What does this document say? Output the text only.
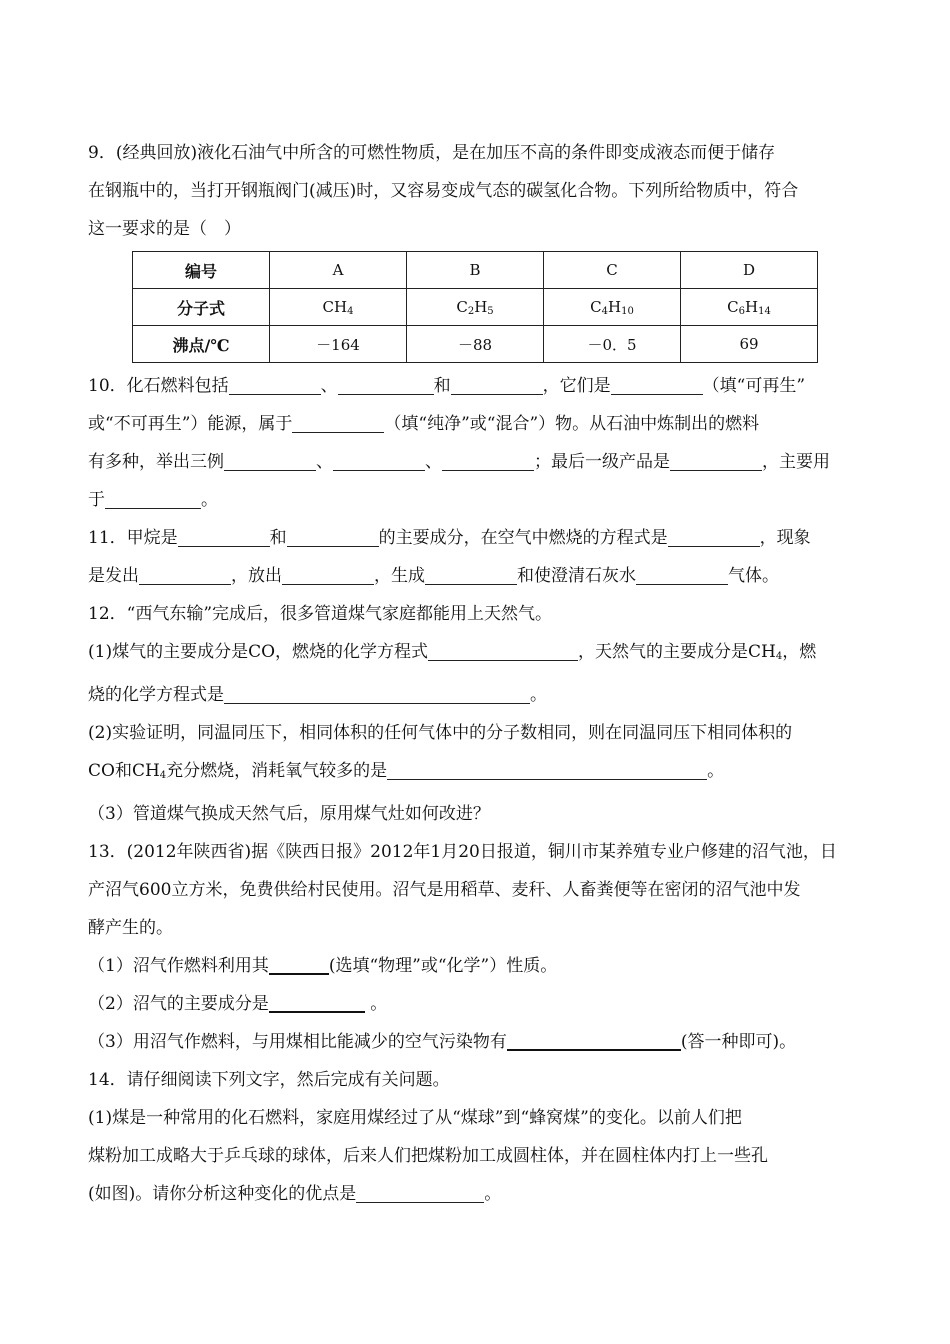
9．(经典回放)液化石油气中所含的可燃性物质，是在加压不高的条件即变成液态而便于储存
在钢瓶中的，当打开钢瓶阀门(减压)时，又容易变成气态的碳氢化合物。下列所给物质中，符合
这一要求的是（　）
编号	A	B	C	D
分子式	$CH_4$	$C_2H_5$	$C_4H_{10}$	$C_6H_{14}$
沸点/℃	－164	－88	－0．5	69
10．化石燃料包括	、	和	，它们是	（填“可再生”
或“不可再生”）能源，属于	（填“纯净”或“混合”）物。从石油中炼制出的燃料
有多种，举出三例	、	、	；最后一级产品是	，主要用
于	。
11．甲烷是	和	的主要成分，在空气中燃烧的方程式是	，现象
是发出	，放出	，生成	和使澄清石灰水	气体。
12．“西气东输”完成后，很多管道煤气家庭都能用上天然气。
(1)煤气的主要成分是CO，燃烧的化学方程式	，天然气的主要成分是$CH_4$，燃
烧的化学方程式是	。
(2)实验证明，同温同压下，相同体积的任何气体中的分子数相同，则在同温同压下相同体积的
CO和$CH_4$充分燃烧，消耗氧气较多的是	。
（3）管道煤气换成天然气后，原用煤气灶如何改进？
13．(2012年陕西省)据《陕西日报》2012年1月20日报道，铜川市某养殖专业户修建的沼气池，日
产沼气600立方米，免费供给村民使用。沼气是用稻草、麦秆、人畜粪便等在密闭的沼气池中发
酵产生的。
（1）沼气作燃料利用其	(选填“物理”或“化学”）性质。
（2）沼气的主要成分是	。
（3）用沼气作燃料，与用煤相比能减少的空气污染物有	(答一种即可)。
14．请仔细阅读下列文字，然后完成有关问题。
(1)煤是一种常用的化石燃料，家庭用煤经过了从“煤球”到“蜂窝煤”的变化。以前人们把
煤粉加工成略大于乒乓球的球体，后来人们把煤粉加工成圆柱体，并在圆柱体内打上一些孔
(如图)。请你分析这种变化的优点是	。
